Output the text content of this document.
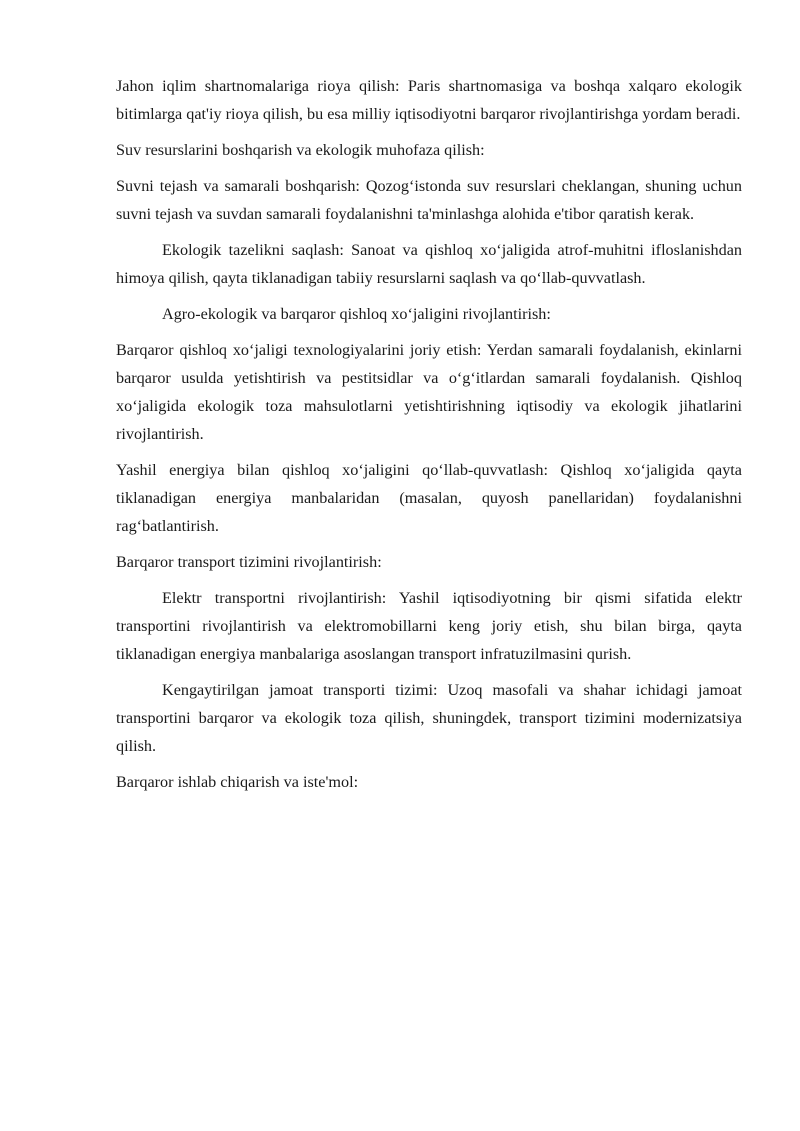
Jahon iqlim shartnomalariga rioya qilish: Paris shartnomasiga va boshqa xalqaro ekologik bitimlarga qat'iy rioya qilish, bu esa milliy iqtisodiyotni barqaror rivojlantirishga yordam beradi.

Suv resurslarini boshqarish va ekologik muhofaza qilish:

Suvni tejash va samarali boshqarish: Qozog‘istonda suv resurslari cheklangan, shuning uchun suvni tejash va suvdan samarali foydalanishni ta'minlashga alohida e'tibor qaratish kerak.

Ekologik tazelikni saqlash: Sanoat va qishloq xo‘jaligida atrof-muhitni ifloslanishdan himoya qilish, qayta tiklanadigan tabiiy resurslarni saqlash va qo‘llab-quvvatlash.

Agro-ekologik va barqaror qishloq xo‘jaligini rivojlantirish:

Barqaror qishloq xo‘jaligi texnologiyalarini joriy etish: Yerdan samarali foydalanish, ekinlarni barqaror usulda yetishtirish va pestitsidlar va o‘g‘itlardan samarali foydalanish. Qishloq xo‘jaligida ekologik toza mahsulotlarni yetishtirishning iqtisodiy va ekologik jihatlarini rivojlantirish.

Yashil energiya bilan qishloq xo‘jaligini qo‘llab-quvvatlash: Qishloq xo‘jaligida qayta tiklanadigan energiya manbalaridan (masalan, quyosh panellaridan) foydalanishni rag‘batlantirish.

Barqaror transport tizimini rivojlantirish:

Elektr transportni rivojlantirish: Yashil iqtisodiyotning bir qismi sifatida elektr transportini rivojlantirish va elektromobillarni keng joriy etish, shu bilan birga, qayta tiklanadigan energiya manbalariga asoslangan transport infratuzilmasini qurish.

Kengaytirilgan jamoat transporti tizimi: Uzoq masofali va shahar ichidagi jamoat transportini barqaror va ekologik toza qilish, shuningdek, transport tizimini modernizatsiya qilish.

Barqaror ishlab chiqarish va iste'mol:
